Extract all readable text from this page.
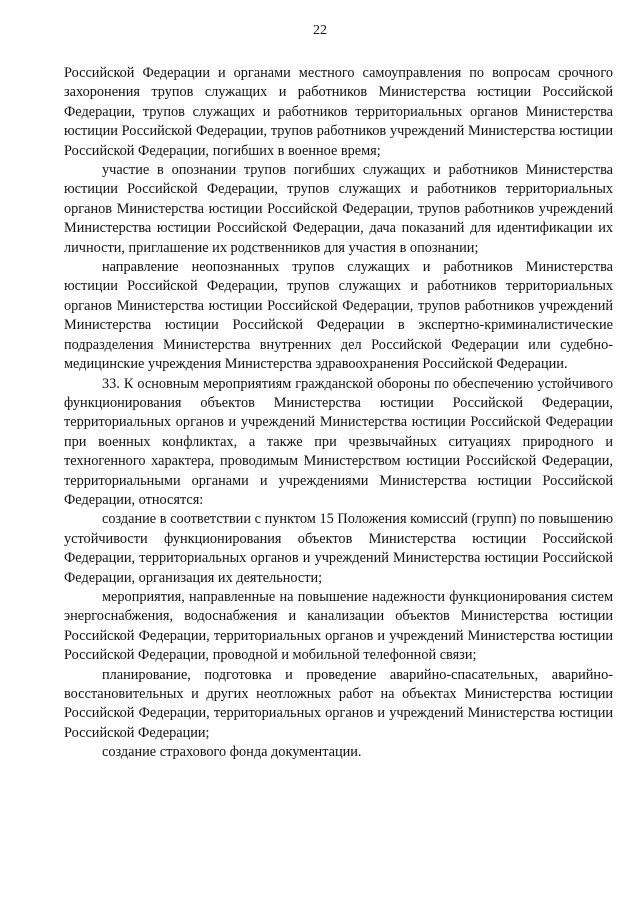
22

Российской Федерации и органами местного самоуправления по вопросам срочного захоронения трупов служащих и работников Министерства юстиции Российской Федерации, трупов служащих и работников территориальных органов Министерства юстиции Российской Федерации, трупов работников учреждений Министерства юстиции Российской Федерации, погибших в военное время;

участие в опознании трупов погибших служащих и работников Министерства юстиции Российской Федерации, трупов служащих и работников территориальных органов Министерства юстиции Российской Федерации, трупов работников учреждений Министерства юстиции Российской Федерации, дача показаний для идентификации их личности, приглашение их родственников для участия в опознании;

направление неопознанных трупов служащих и работников Министерства юстиции Российской Федерации, трупов служащих и работников территориальных органов Министерства юстиции Российской Федерации, трупов работников учреждений Министерства юстиции Российской Федерации в экспертно-криминалистические подразделения Министерства внутренних дел Российской Федерации или судебно-медицинские учреждения Министерства здравоохранения Российской Федерации.

33. К основным мероприятиям гражданской обороны по обеспечению устойчивого функционирования объектов Министерства юстиции Российской Федерации, территориальных органов и учреждений Министерства юстиции Российской Федерации при военных конфликтах, а также при чрезвычайных ситуациях природного и техногенного характера, проводимым Министерством юстиции Российской Федерации, территориальными органами и учреждениями Министерства юстиции Российской Федерации, относятся:

создание в соответствии с пунктом 15 Положения комиссий (групп) по повышению устойчивости функционирования объектов Министерства юстиции Российской Федерации, территориальных органов и учреждений Министерства юстиции Российской Федерации, организация их деятельности;

мероприятия, направленные на повышение надежности функционирования систем энергоснабжения, водоснабжения и канализации объектов Министерства юстиции Российской Федерации, территориальных органов и учреждений Министерства юстиции Российской Федерации, проводной и мобильной телефонной связи;

планирование, подготовка и проведение аварийно-спасательных, аварийно-восстановительных и других неотложных работ на объектах Министерства юстиции Российской Федерации, территориальных органов и учреждений Министерства юстиции Российской Федерации;

создание страхового фонда документации.
